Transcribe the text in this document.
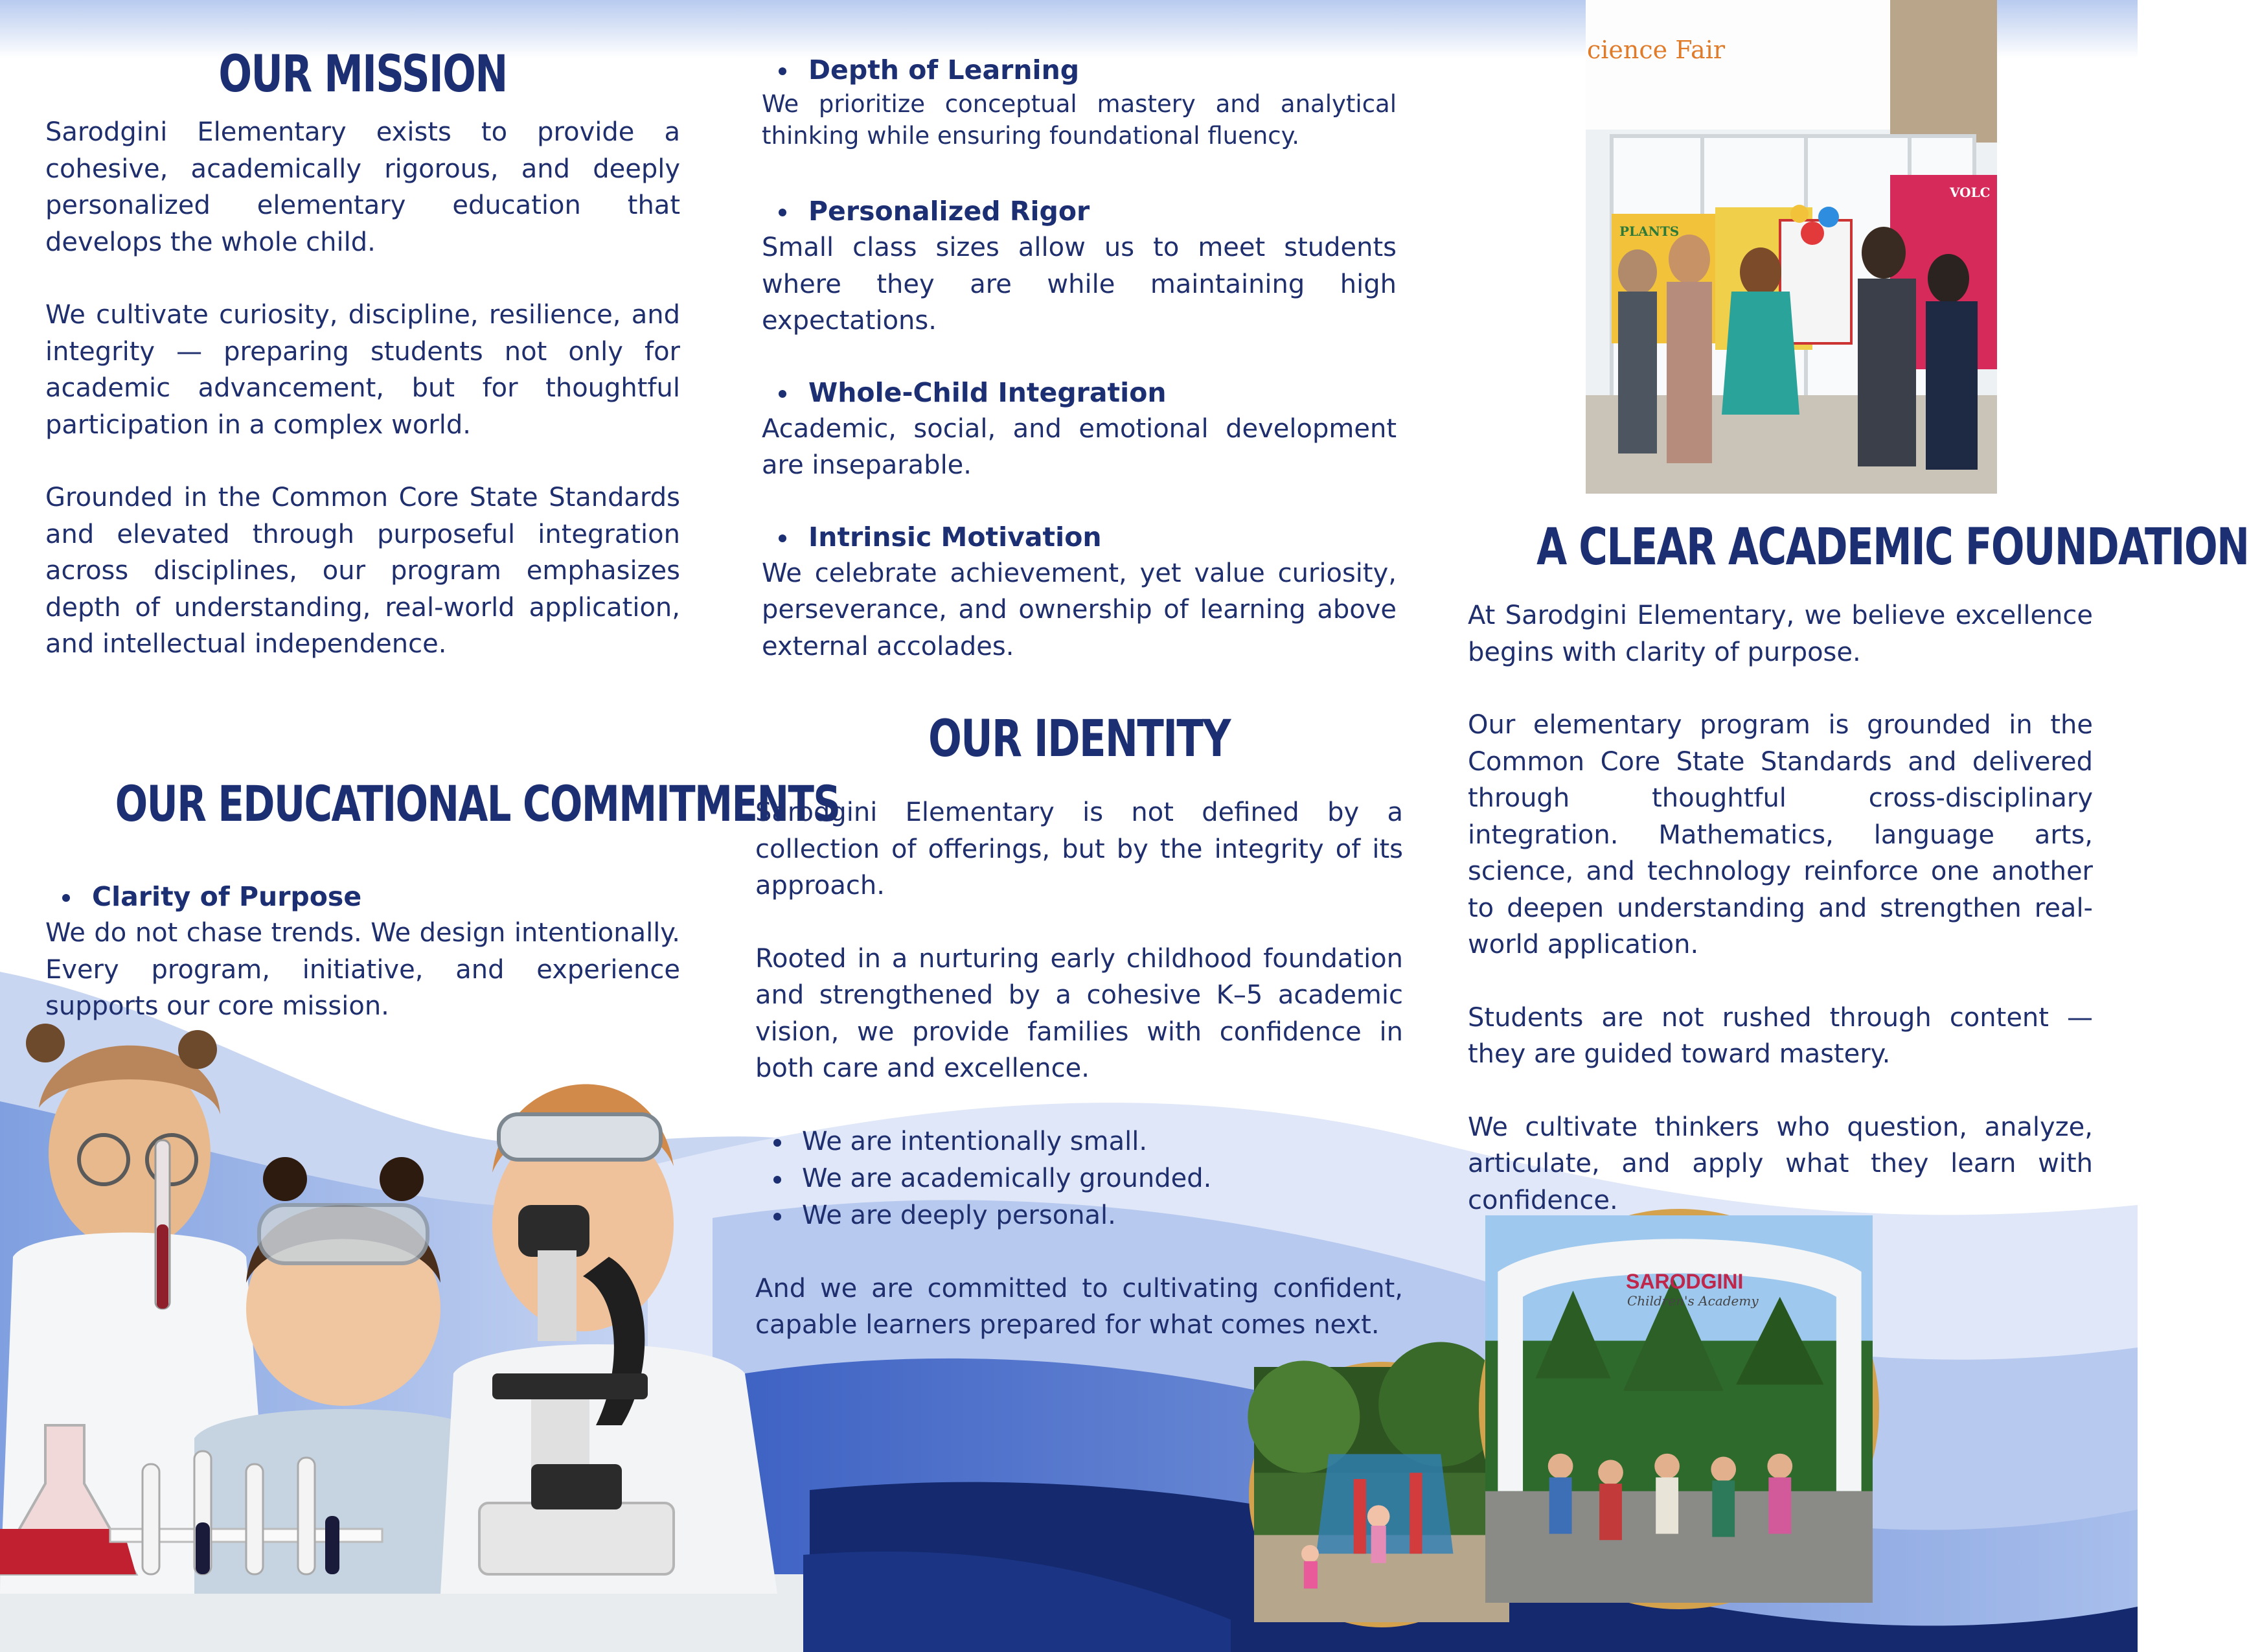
OUR MISSION

Sarodgini Elementary exists to provide a cohesive, academically rigorous, and deeply personalized elementary education that develops the whole child.

We cultivate curiosity, discipline, resilience, and integrity — preparing students not only for academic advancement, but for thoughtful participation in a complex world.

Grounded in the Common Core State Standards and elevated through purposeful integration across disciplines, our program emphasizes depth of understanding, real-world application, and intellectual independence.

OUR EDUCATIONAL COMMITMENTS
Clarity of Purpose

We do not chase trends. We design intentionally. Every program, initiative, and experience supports our core mission.

Depth of Learning

We prioritize conceptual mastery and analytical thinking while ensuring foundational fluency.

Personalized Rigor

Small class sizes allow us to meet students where they are while maintaining high expectations.

Whole-Child Integration

Academic, social, and emotional development are inseparable.

Intrinsic Motivation

We celebrate achievement, yet value curiosity, perseverance, and ownership of learning above external accolades.

OUR IDENTITY

Sarodgini Elementary is not defined by a collection of offerings, but by the integrity of its approach.

Rooted in a nurturing early childhood foundation and strengthened by a cohesive K–5 academic vision, we provide families with confidence in both care and excellence.

We are intentionally small.
We are academically grounded.
We are deeply personal.

And we are committed to cultivating confident, capable learners prepared for what comes next.

cience Fair
PLANTS
VOLC
A CLEAR ACADEMIC FOUNDATION

At Sarodgini Elementary, we believe excellence begins with clarity of purpose.

Our elementary program is grounded in the Common Core State Standards and delivered through thoughtful cross-disciplinary integration. Mathematics, language arts, science, and technology reinforce one another to deepen understanding and strengthen real-world application.

Students are not rushed through content — they are guided toward mastery.

We cultivate thinkers who question, analyze, articulate, and apply what they learn with confidence.

SARODGINI
Children's Academy
